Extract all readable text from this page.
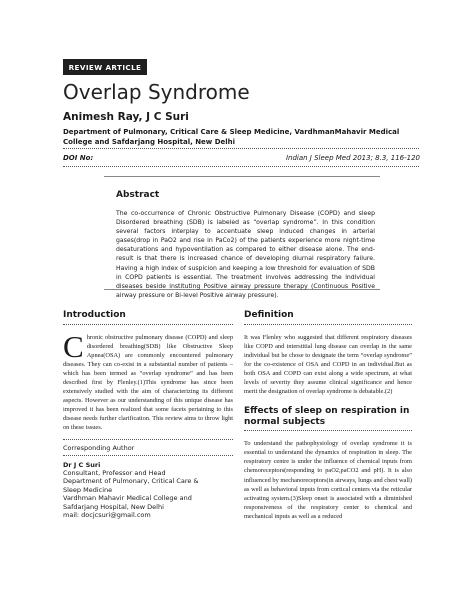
REVIEW ARTICLE
Overlap Syndrome
Animesh Ray, J C Suri
Department of Pulmonary, Critical Care & Sleep Medicine, VardhmanMahavir Medical College and Safdarjang Hospital, New Delhi
DOI No:	Indian J Sleep Med 2013; 8.3, 116-120
Abstract
The co-occurrence of Chronic Obstructive Pulmonary Disease (COPD) and sleep Disordered breathing (SDB) is labeled as “overlap syndrome”. In this condition several factors interplay to accentuate sleep induced changes in arterial gases(drop in PaO2 and rise in PaCo2) of the patients experience more night-time desaturations and hypoventilation as compared to either disease alone. The end-result is that there is increased chance of developing diurnal respiratory failure. Having a high index of suspicion and keeping a low threshold for evaluation of SDB in COPD patients is essential. The treatment involves addressing the individual diseases beside instituting Positive airway pressure therapy (Continuous Positive airway pressure or Bi-level Positive airway pressure).
Introduction

Chronic obstructive pulmonary disease (COPD) and sleep disordered breathing(SDB) like Obstructive Sleep Apnea(OSA) are commonly encountered pulmonary diseases. They can co-exist in a substantial number of patients – which has been termed as “overlap syndrome” and has been described first by Flenley.(1)This syndrome has since been extensively studied with the aim of characterizing its different aspects. However as our understanding of this unique disease has improved it has been realized that some facets pertaining to this disease needs further clarification. This review aims to throw light on these issues.

Corresponding Author

Dr J C Suri

Consultant, Professor and Head

Department of Pulmonary, Critical Care &

Sleep Medicine

Vardhman Mahavir Medical College and

Safdarjang Hospital, New Delhi

mail: docjcsuri@gmail.com

Definition

It was Flenley who suggested that different respiratory diseases like COPD and interstitial lung disease can overlap in the same individual but he chose to designate the term “overlap syndrome” for the co-existence of OSA and COPD in an individual.But as both OSA and COPD can exist along a wide spectrum, at what levels of severity they assume clinical significance and hence merit the designation of overlap syndrome is debatable.(2)

Effects of sleep on respiration in normal subjects

To understand the pathophysiology of overlap syndrome it is essential to understand the dynamics of respiration in sleep. The respiratory centre is under the influence of chemical inputs from chemoreceptors(responding to paO2,paCO2 and pH). It is also influenced by mechanoreceptors(in airways, lungs and chest wall) as well as behavioral inputs from cortical centers via the reticular activating system.(3)Sleep onset is associated with a diminished responsiveness of the respiratory center to chemical and mechanical inputs as well as a reduced
